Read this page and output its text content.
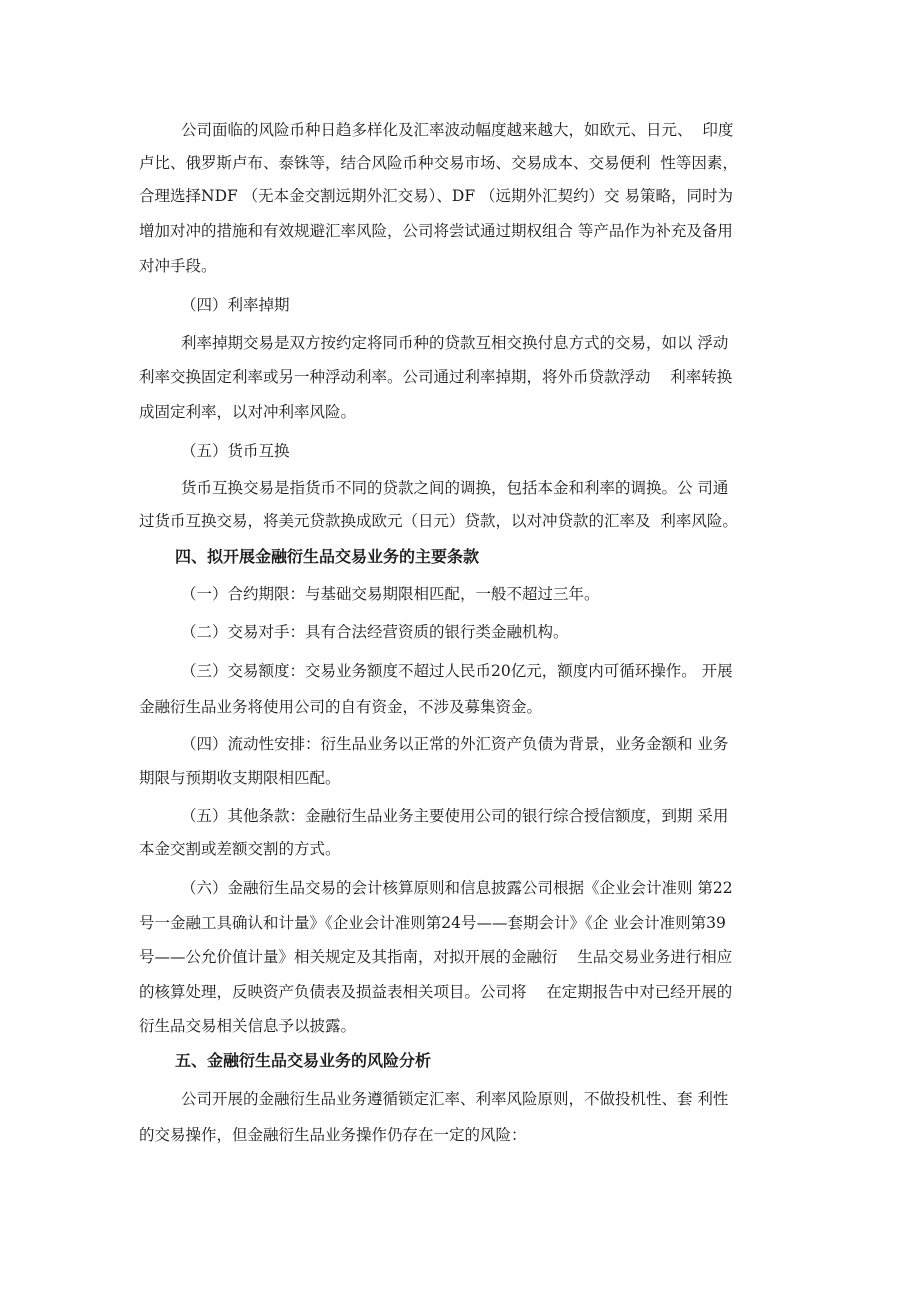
公司面临的风险币种日趋多样化及汇率波动幅度越来越大，如欧元、日元、  印度
卢比、俄罗斯卢布、泰铢等，结合风险币种交易市场、交易成本、交易便利  性等因素，
合理选择NDF （无本金交割远期外汇交易）、DF （远期外汇契约）交 易策略，同时为
增加对冲的措施和有效规避汇率风险，公司将尝试通过期权组合 等产品作为补充及备用
对冲手段。
（四）利率掉期
利率掉期交易是双方按约定将同币种的贷款互相交换付息方式的交易，如以 浮动
利率交换固定利率或另一种浮动利率。公司通过利率掉期，将外币贷款浮动    利率转换
成固定利率，以对冲利率风险。
（五）货币互换
货币互换交易是指货币不同的贷款之间的调换，包括本金和利率的调换。公 司通
过货币互换交易，将美元贷款换成欧元（日元）贷款，以对冲贷款的汇率及  利率风险。
四、拟开展金融衍生品交易业务的主要条款
（一）合约期限：与基础交易期限相匹配，一般不超过三年。
（二）交易对手：具有合法经营资质的银行类金融机构。
（三）交易额度：交易业务额度不超过人民币20亿元，额度内可循环操作。 开展
金融衍生品业务将使用公司的自有资金，不涉及募集资金。
（四）流动性安排：衍生品业务以正常的外汇资产负债为背景，业务金额和 业务
期限与预期收支期限相匹配。
（五）其他条款：金融衍生品业务主要使用公司的银行综合授信额度，到期 采用
本金交割或差额交割的方式。
（六）金融衍生品交易的会计核算原则和信息披露公司根据《企业会计准则 第22
号一金融工具确认和计量》《企业会计准则第24号——套期会计》《企 业会计准则第39
号——公允价值计量》相关规定及其指南，对拟开展的金融衍    生品交易业务进行相应
的核算处理，反映资产负债表及损益表相关项目。公司将    在定期报告中对已经开展的
衍生品交易相关信息予以披露。
五、金融衍生品交易业务的风险分析
公司开展的金融衍生品业务遵循锁定汇率、利率风险原则，不做投机性、套 利性
的交易操作，但金融衍生品业务操作仍存在一定的风险：
